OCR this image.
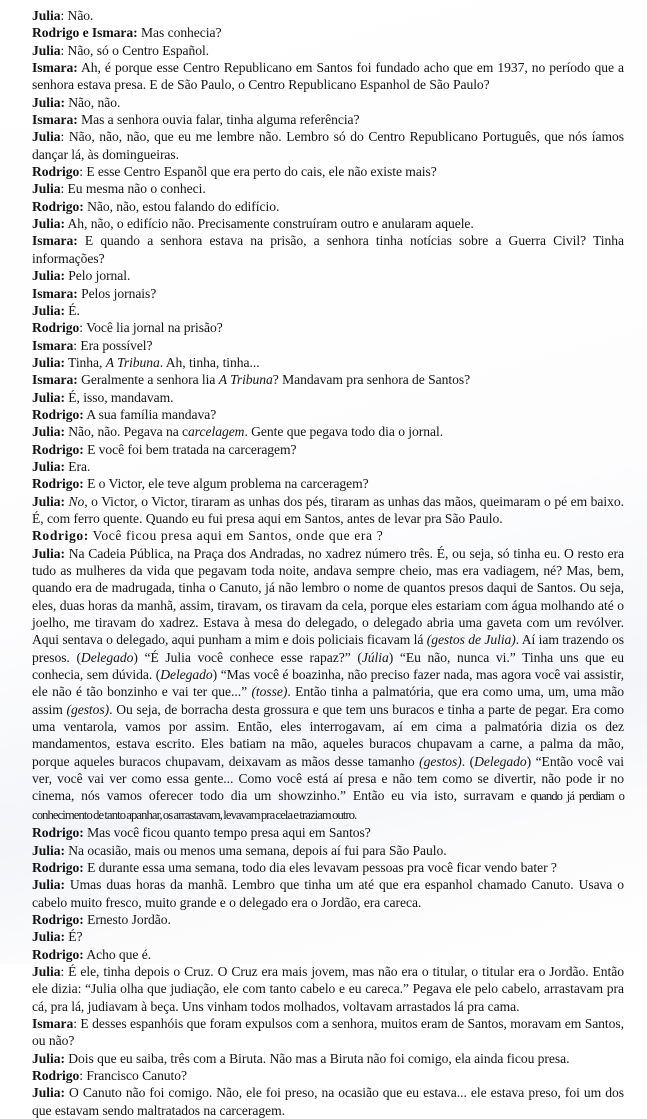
Julia: Não.

Rodrigo e Ismara: Mas conhecia?

Julia: Não, só o Centro Español.

Ismara: Ah, é porque esse Centro Republicano em Santos foi fundado acho que em 1937, no período que a senhora estava presa. E de São Paulo, o Centro Republicano Espanhol de São Paulo?

Julia: Não, não.

Ismara: Mas a senhora ouvia falar, tinha alguma referência?

Julia: Não, não, não, que eu me lembre não. Lembro só do Centro Republicano Português, que nós íamos dançar lá, às domingueiras.

Rodrigo: E esse Centro Espanõl que era perto do cais, ele não existe mais?

Julia: Eu mesma não o conheci.

Rodrigo: Não, não, estou falando do edifício.

Julia: Ah, não, o edifício não. Precisamente construíram outro e anularam aquele.

Ismara: E quando a senhora estava na prisão, a senhora tinha notícias sobre a Guerra Civil? Tinha informações?

Julia: Pelo jornal.

Ismara: Pelos jornais?

Julia: É.

Rodrigo: Você lia jornal na prisão?

Ismara: Era possível?

Julia: Tinha, A Tribuna. Ah, tinha, tinha...

Ismara: Geralmente a senhora lia A Tribuna? Mandavam pra senhora de Santos?

Julia: É, isso, mandavam.

Rodrigo: A sua família mandava?

Julia: Não, não. Pegava na carcelagem. Gente que pegava todo dia o jornal.

Rodrigo: E você foi bem tratada na carceragem?

Julia: Era.

Rodrigo: E o Victor, ele teve algum problema na carceragem?

Julia: No, o Victor, o Victor, tiraram as unhas dos pés, tiraram as unhas das mãos, queimaram o pé em baixo. É, com ferro quente. Quando eu fui presa aqui em Santos, antes de levar pra São Paulo.

Rodrigo: Você ficou presa aqui em Santos, onde que era ?

Julia: Na Cadeia Pública, na Praça dos Andradas, no xadrez número três. É, ou seja, só tinha eu. O resto era tudo as mulheres da vida que pegavam toda noite, andava sempre cheio, mas era vadiagem, né? Mas, bem, quando era de madrugada, tinha o Canuto, já não lembro o nome de quantos presos daqui de Santos. Ou seja, eles, duas horas da manhã, assim, tiravam, os tiravam da cela, porque eles estariam com água molhando até o joelho, me tiravam do xadrez. Estava à mesa do delegado, o delegado abria uma gaveta com um revólver. Aqui sentava o delegado, aqui punham a mim e dois policiais ficavam lá (gestos de Julia). Aí iam trazendo os presos. (Delegado) “É Julia você conhece esse rapaz?” (Júlia) “Eu não, nunca vi.” Tinha uns que eu conhecia, sem dúvida. (Delegado) “Mas você é boazinha, não preciso fazer nada, mas agora você vai assistir, ele não é tão bonzinho e vai ter que...” (tosse). Então tinha a palmatória, que era como uma, um, uma mão assim (gestos). Ou seja, de borracha desta grossura e que tem uns buracos e tinha a parte de pegar. Era como uma ventarola, vamos por assim. Então, eles interrogavam, aí em cima a palmatória dizia os dez mandamentos, estava escrito. Eles batiam na mão, aqueles buracos chupavam a carne, a palma da mão, porque aqueles buracos chupavam, deixavam as mãos desse tamanho (gestos). (Delegado) “Então você vai ver, você vai ver como essa gente... Como você está aí presa e não tem como se divertir, não pode ir no cinema, nós vamos oferecer todo dia um showzinho.” Então eu via isto, surravam e quando já perdiam o conhecimento de tanto apanhar, os arrastavam, levavam pra cela e traziam outro.

Rodrigo: Mas você ficou quanto tempo presa aqui em Santos?

Julia: Na ocasião, mais ou menos uma semana, depois aí fui para São Paulo.

Rodrigo: E durante essa uma semana, todo dia eles levavam pessoas pra você ficar vendo bater ?

Julia: Umas duas horas da manhã. Lembro que tinha um até que era espanhol chamado Canuto. Usava o cabelo muito fresco, muito grande e o delegado era o Jordão, era careca.

Rodrigo: Ernesto Jordão.

Julia: É?

Rodrigo: Acho que é.

Julia: É ele, tinha depois o Cruz. O Cruz era mais jovem, mas não era o titular, o titular era o Jordão. Então ele dizia: “Julia olha que judiação, ele com tanto cabelo e eu careca.” Pegava ele pelo cabelo, arrastavam pra cá, pra lá, judiavam à beça. Uns vinham todos molhados, voltavam arrastados lá pra cama.

Ismara: E desses espanhóis que foram expulsos com a senhora, muitos eram de Santos, moravam em Santos, ou não?

Julia: Dois que eu saiba, três com a Biruta. Não mas a Biruta não foi comigo, ela ainda ficou presa.

Rodrigo: Francisco Canuto?

Julia: O Canuto não foi comigo. Não, ele foi preso, na ocasião que eu estava... ele estava preso, foi um dos que estavam sendo maltratados na carceragem.
